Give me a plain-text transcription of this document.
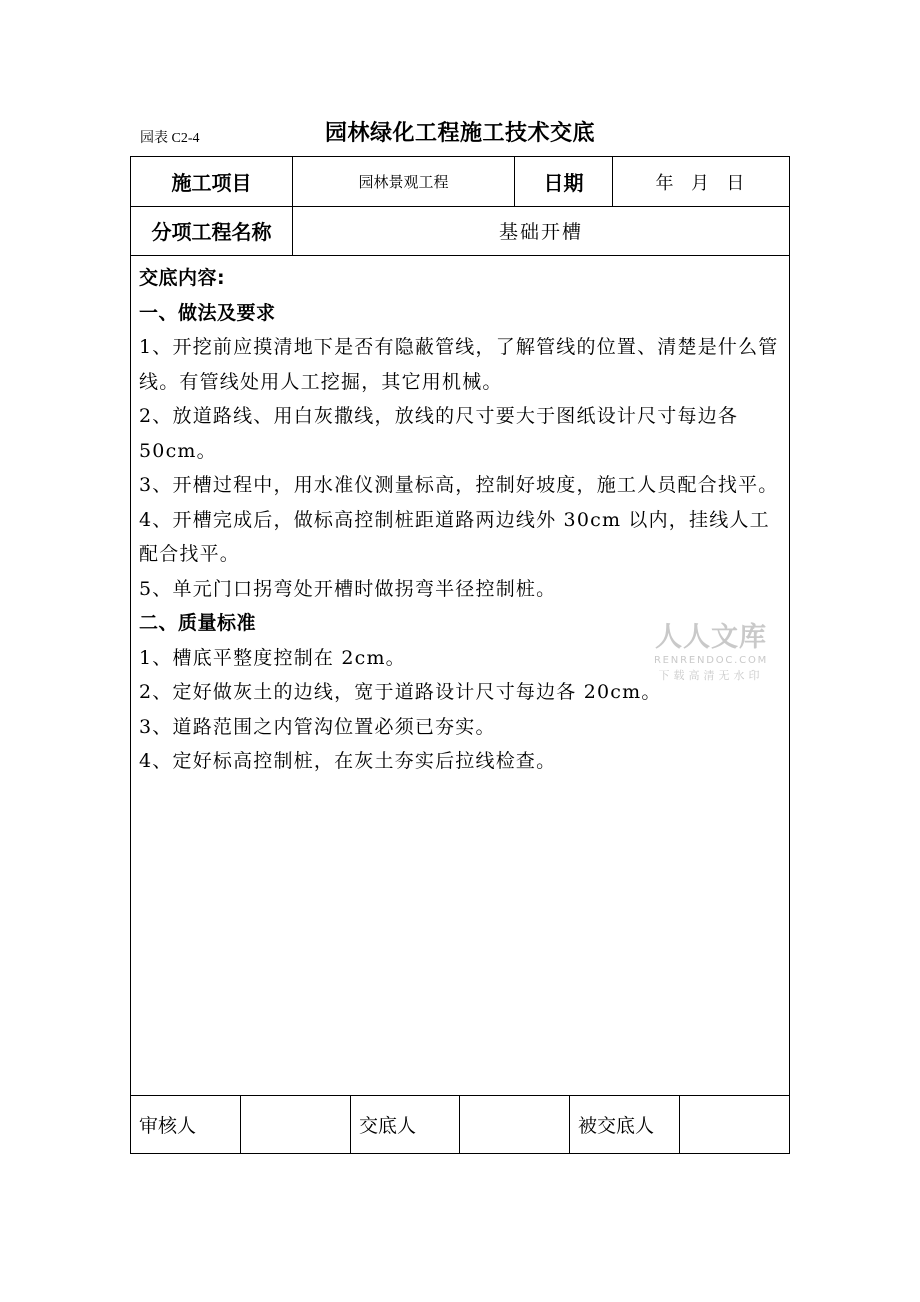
园表 C2-4	园林绿化工程施工技术交底
施工项目	园林景观工程	日期	年  月  日
分项工程名称	基础开槽

交底内容:

一、做法及要求

1、开挖前应摸清地下是否有隐蔽管线，了解管线的位置、清楚是什么管线。有管线处用人工挖掘，其它用机械。

2、放道路线、用白灰撒线，放线的尺寸要大于图纸设计尺寸每边各50cm。

3、开槽过程中，用水准仪测量标高，控制好坡度，施工人员配合找平。

4、开槽完成后，做标高控制桩距道路两边线外 30cm 以内，挂线人工配合找平。

5、单元门口拐弯处开槽时做拐弯半径控制桩。

二、质量标准

1、槽底平整度控制在 2cm。

2、定好做灰土的边线，宽于道路设计尺寸每边各 20cm。

3、道路范围之内管沟位置必须已夯实。

4、定好标高控制桩，在灰土夯实后拉线检查。

审核人	交底人	被交底人
人人文库
RENRENDOC.COM
下载高清无水印
